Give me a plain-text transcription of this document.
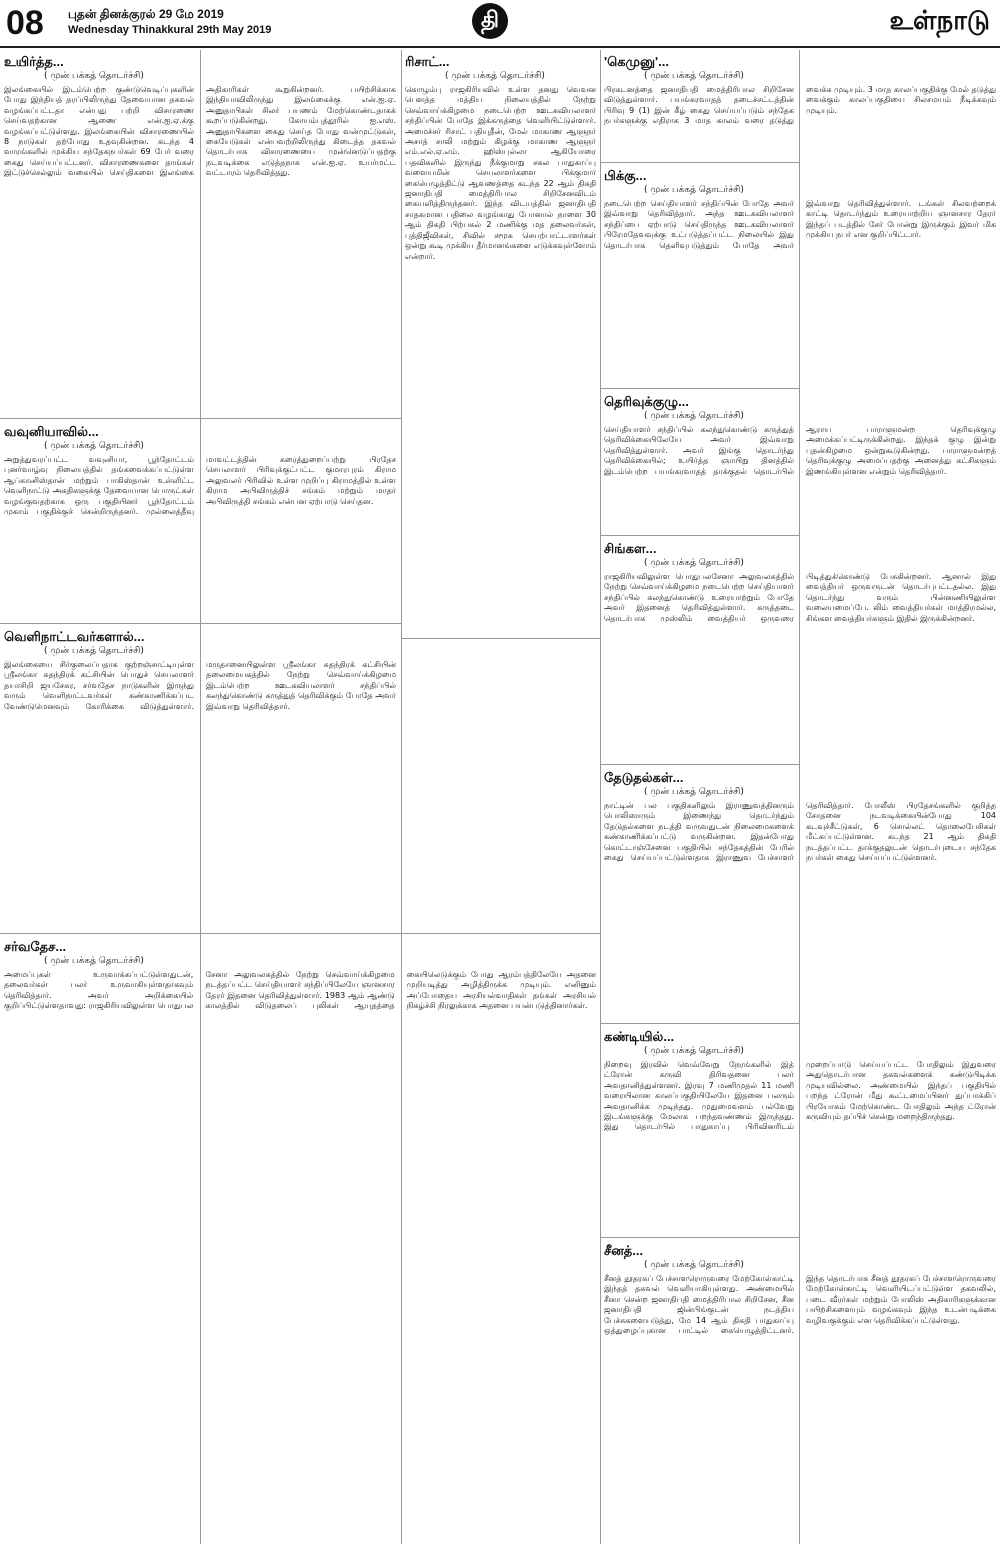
08 புதன் தினக்குரல் 29 மே 2019
Wednesday Thinakkural 29th May 2019	தி	உள்நாடு
உயிர்த்த...
( முன் பக்கத் தொடர்ச்சி)

இலங்கையில் இடம்பெற்ற குண்டுவெடிப்புகளின் போது இந்தியத் தரப்பிலிருந்து தேவையான தகவல் வழங்கப்பட்டதா என்பது பற்றி விசாரணை செய்வதற்கான ஆணை என்.ஐ.ஏ.க்கு வழங்கப்பட்டுள்ளது. இலங்கையின் விசாரணையில் 8 நாடுகள் தற்போது உதவுகின்றன. கடந்த 4 வாரங்களில் முக்கிய சந்தேகநபர்கள் 69 பேர் வரை கைது செய்யப்பட்டனர். விசாரணைகளை தாங்கள் இட்டுச்செல்லும் வகையில் செய்திகளை இலங்கை அதிகாரிகள் கூறுகின்றனர். பயிற்சிக்காக இந்தியாவிலிருந்து இலங்கைக்கு என்.ஐ.ஏ. அனுதாபிகள் சிலர் பயணம் மேற்கொண்டதாகக் கூறப்படுகின்றது. கோயம்புத்தூரில் ஐ.எஸ். அனுதாபிகளை கைது செய்த போது வன்முட்டுகள், கையேடுகள் என்பவற்றிலிருந்து கிடைத்த தகவல் தொடர்பாக விசாரணையை முன்னெடுப்பதற்கு நடவடிக்கை எடுத்தநாக என்.ஐ.ஏ. உயர்மட்ட வட்டாரம் தெரிவித்தது.

வவுனியாவில்...
( முன் பக்கத் தொடர்ச்சி)

அறுத்துவரப்பட்ட வவுனியா, பூந்தோட்டம் புனர்வாழ்வு நிலையத்தில் தங்கவைக்கப்பட்டுள்ள ஆப்கானிஸ்தான் மற்றும் பாகிஸ்தான் உள்ளிட்ட வெளிநாட்டு அகதிகளுக்கு தேவையான பொருட்கள் வழங்குவதற்காக ஒரு பகுதியினர் பூந்தோட்டம் முகாம் பகுதிக்குச் சென்றிருந்தனர். முல்லைத்தீவு மாவட்டத்தின் கரைத்துறைப்பற்று பிரதேச செயலாளர் பிரிவுக்குட்பட்ட குமாரபுரம் கிராம அலுவலர் பிரிவில் உள்ள முறிப்பு கிராமத்தில் உள்ள கிராம அபிவிருத்திச் சங்கம் மற்றும் மாதர் அபிவிருத்தி சங்கம் என்பன ஏற்பாடு செய்தன.

வெளிநாட்டவர்களால்...
( முன் பக்கத் தொடர்ச்சி)

இலங்கையை சிர்குலைப்பதாக குற்றஞ்சாட்டியுள்ள ஸ்ரீலங்கா சுதந்திரக் கட்சியின் பொதுச் செயலாளர் தயாசிறி ஜயசேகர, சர்வதேச நாடுகளின் இருந்து வரும் வெளிநாட்டவர்கள் கண்காணிக்கப்பட வேண்டுமெனவும் கோரிக்கை விடுத்துள்ளார். மருதானையிலுள்ள ஸ்ரீலங்கா சுதந்திரக் கட்சியின் தலைமையகத்தில் நேற்று செவ்வாய்க்கிழமை இடம்பெற்ற ஊடகவியலாளர் சந்திப்பில் கலந்துகொண்டு கருத்துத் தெரிவிக்கும் போதே அவர் இவ்வாறு தெரிவித்தார்.

சர்வதேச...
( முன் பக்கத் தொடர்ச்சி)

அமைப்புகள் உருவாக்கப்பட்டுள்ளதுடன், தலைவர்கள் பலர் உருவாகியுள்ளதாகவும் தெரிவித்தார். அவர் அறிக்கையில் குறிப்பிட்டுள்ளதாவது: ராஜகிரியவிலுள்ள பொதுபல சேனா அலுவலகத்தில் நேற்று செவ்வாய்க்கிழமை நடத்தப்பட்ட செய்தியாளர் சந்திப்பிலேயே ஞானசார தேரர் இதனை தெரிவித்துள்ளார். 1983 ஆம் ஆண்டு காலத்தில் விடுதலைப் புலிகள் ஆயுதத்தை கையிலெடுக்கும் போது ஆரம்பத்திலேயே அதனை முறியடித்து அழித்திருக்க முடியும். எனினும் அப்போதைய அரசியல்வாதிகள் தங்கள் அரசியல் நிகழ்ச்சி நிரலுக்காக அதனை பயன்படுத்தினார்கள்.

ரிசாட்...
( முன் பக்கத் தொடர்ச்சி)

கொழும்பு ராஜகிரியவில் உள்ள தனது வெவன பௌத்த மத்திய நிலையத்தில் நேற்று செவ்வாய்க்கிழமை நடைபெற்ற ஊடகவியலாளர் சந்திப்பின் போதே இக்கருத்தை வெளியிட்டுள்ளார். அமைச்சர் ரிசாட் பதியுதீன், மேல் மாகாண ஆளுநர் அசாத் சாலி மற்றும் கிழக்கு மாகாண ஆளுநர் எம்.எல்.ஏ.எம். ஹிஸ்புல்லா ஆகியோரை பதவிகளில் இருந்து நீக்குமாறு சகல பாதுகாப்பு வளையமின் செயலாளர்களை பிக்குமார் கையெழுத்திட்டு ஆவணத்தை கடந்த 22 ஆம் திகதி ஜனாதிபதி மைத்திரிபால சிறிசேனவிடம் கையளித்திருந்தனர். இந்த விடயத்தில் ஜனாதிபதி சாதகமான பதிலை வழங்காது போனால் நாளை 30 ஆம் திகதி பிற்பகல் 2 மணிக்கு மத தலைவர்கள், புத்திஜீவிகள், சிவில் சமூக செயற்பாட்டாளர்கள் ஒன்று கூடி முக்கிய தீர்மானங்களை எடுக்கவுள்ளோம் என்றார்.

'கெமுனு'...
( முன் பக்கத் தொடர்ச்சி)

பிரகடனத்தை ஜனாதிபதி மைத்திரிபால சிறிசேன விடுத்துள்ளார். பயங்கரவாதத் தடைச்சட்டத்தின் பிரிவு 9 (1) இன் கீழ் கைது செய்யப்படும் சந்தேக நபர்களுக்கு எதிராக 3 மாத காலம் வரை தடுத்து வைக்க முடியும். 3 மாத காலப்பகுதிக்கு மேல் தடுத்து வைக்கும் காலப்பகுதியை சிலசமயம் நீடிக்கவும் முடியும்.

பிக்கு...
( முன் பக்கத் தொடர்ச்சி)

நடைபெற்ற செய்தியாளர் சந்திப்பின் போதே அவர் இவ்வாறு தெரிவித்தார். அந்த ஊடகவியலாளர் சந்திப்பை ஏற்பாடு செய்திருந்த ஊடகவியலாளர் பிரேமதேவவுக்கு உட்படுத்தப்பட்ட நிலையில் இது தொடர்பாக தெளிவுபடுத்தும் போதே அவர் இவ்வாறு தெரிவித்துள்ளார். டங்கள் சிலவற்றைக் காட்டி தொடர்ந்தும் உரையாற்றிய ஞானசார தேரர் இந்தப் படத்தில் சேர் போன்று இருக்கும் இவர் மிக முக்கிய நபர் என குறிப்பிட்டார்.

தெரிவுக்குழு...
( முன் பக்கத் தொடர்ச்சி)

செய்தியாளர் சந்திப்பில் கலந்துகொண்டு கருத்துத் தெரிவிக்கையிலேயே அவர் இவ்வாறு தெரிவித்துள்ளார். அவர் இங்கு தொடர்ந்து தெரிவிக்கையில்; உயிர்த்த ஞாயிறு தினத்தில் இடம்பெற்ற பயங்கரவாதத் தாக்குதல் தொடர்பில் ஆராய பாராளுமன்ற தெரிவுக்குழு அமைக்கப்பட்டிருக்கின்றது. இந்தக் குழு இன்று புதன்கிழமை ஒன்றுகூடுகின்றது. பாராளுமன்றத் தெரிவுக்குழு அமைப்பதற்கு அனைத்து கட்சிகளும் இணங்கியுள்ளன என்றும் தெரிவித்தார்.

சிங்கள...
( முன் பக்கத் தொடர்ச்சி)

ராஜகிரியவிலுள்ள பொதுபலசேனா அலுவலகத்தில் நேற்று செவ்வாய்க்கிழமை நடைபெற்ற செய்தியாளர் சந்திப்பில் கலந்துகொண்டு உரையாற்றும் போதே அவர் இதனைத் தெரிவித்துள்ளார். கருத்தடை தொடர்பாக முஸ்லிம் வைத்தியர் ஒருவரை பிடித்துக்கொண்டு பேசுகின்றனர். ஆனால் இது வைத்தியர் ஒருவருடன் தொடர்புபட்டதல்ல. இது தொடர்ந்து வரும் பின்னணியிலுள்ள வலையமைப்பே. லிம் வைத்தியர்கள் மாத்திரமல்ல, சிங்கள வைத்தியர்களும் இதில் இருக்கின்றனர்.

தேடுதல்கள்...
( முன் பக்கத் தொடர்ச்சி)

நாட்டின் பல பகுதிகளிலும் இராணுவத்தினரும் பொலிஸாரும் இணைந்து தொடர்ந்தும் தேடுதல்களை நடத்தி வருவதுடன் நிலைமைகளைக் கண்காணிக்கப்பட்டு வருகின்றன. இதன்போது கொட்டாஞ்சேனை பகுதியில் சந்தேகத்தின் பேரில் கைது செய்யப்பட்டுள்ளதாக இராணுவ பேச்சாளர் தெரிவித்தார். போலீஸ் பிரதேசங்களில் குறித்த சோதனை நடவடிக்கையின்போது 104 கடவுச்சீட்டுகள், 6 சொல்லட் தொலைபேசிகள் மீட்கப்பட்டுள்ளன. கடந்த 21 ஆம் திகதி நடத்தப்பட்ட தாக்குதலுடன் தொடர்புடைய சந்தேக நபர்கள் கைது செய்யப்பட்டுள்ளனர்.

கண்டியில்...
( முன் பக்கத் தொடர்ச்சி)

நிறைவு இரவில் வெவ்வேறு நேரங்களில் இத் ட்ரோன் கருவி திரிவதனை பலர் அவதானித்துள்ளனர். இரவு 7 மணிமுதல் 11 மணி வரையிலான காலப்பகுதியிலேயே இதனை பலரும் அவதானிக்க முடிந்தது. முதுமைவளம் பல்வேறு இடங்களுக்கு மேலாக பறந்தவண்ணம் இருந்தது. இது தொடர்பில் பாதுகாப்பு பிரிவினரிடம் முறைப்பாடு செய்யப்பட்ட போதிலும் இதுவரை அதுதொடர்பான தகவல்களைக் கண்டுபிடிக்க முடியவில்லை. அண்மையில் இந்தப் பகுதியில் பறந்த ட்ரோன் மீது கூட்டமைப்பினர் துப்பாக்கிப் பிரயோகம் மேற்கொண்ட போதிலும் அந்த ட்ரோன் கருவியும் தப்பிச் சென்று மறைந்திருந்தது.

சீனத்...
( முன் பக்கத் தொடர்ச்சி)

சீனத் தூதரகப் பேச்சாளரொருவரை மேற்கோள்காட்டி இந்தத் தகவல் வெளியாகியுள்ளது. அண்மையில் சீனா சென்ற ஜனாதிபதி மைத்திரிபால சிறிசேன, சீன ஜனாதிபதி ஜின்பிங்குடன் நடத்திய பேச்சுகளையடுத்து, மே 14 ஆம் திகதி பாதுகாப்பு ஒத்துழைப்புகான பாட்டில் கையெழுத்திட்டனர். இந்த தொடர்பாக சீனத் தூதரகப் பேச்சாளரொருவரை மேற்கோள்காட்டி வெளியிடப்பட்டுள்ள தகவலில், படை வீரர்கள் மற்றும் போலிஸ் அதிகாரிகளுக்கான பயிற்சிகளையும் வழங்கவும் இந்த உடன்படிக்கை வழிவகுக்கும் என தெரிவிக்கப்பட்டுள்ளது.
